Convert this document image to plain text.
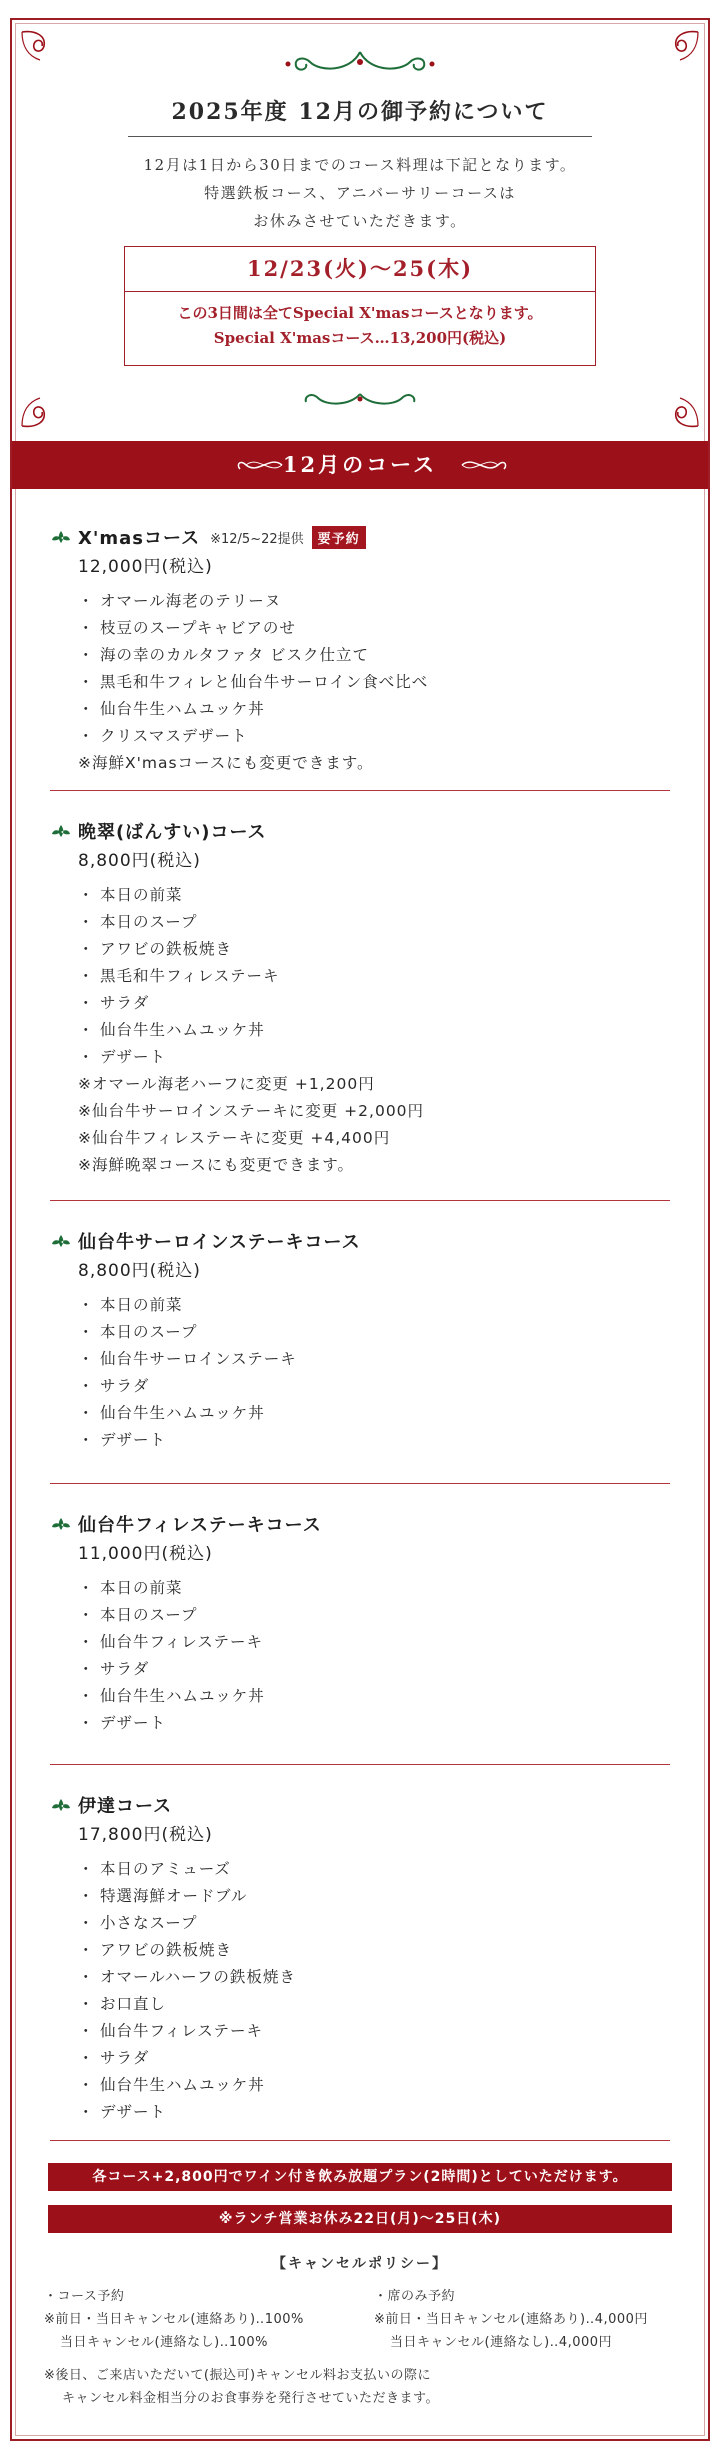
2025年度 12月の御予約について
12月は1日から30日までのコース料理は下記となります。
特選鉄板コース、アニバーサリーコースは
お休みさせていただきます。
12/23(火)〜25(木)
この3日間は全てSpecial X'masコースとなります。
Special X'masコース…13,200円(税込)
12月のコース
X'masコース ※12/5~22提供	要予約
12,000円(税込)
・ オマール海老のテリーヌ
・ 枝豆のスープキャビアのせ
・ 海の幸のカルタファタ ビスク仕立て
・ 黒毛和牛フィレと仙台牛サーロイン食べ比べ
・ 仙台牛生ハムユッケ丼
・ クリスマスデザート
※海鮮X'masコースにも変更できます。
晩翠(ばんすい)コース
8,800円(税込)
・ 本日の前菜
・ 本日のスープ
・ アワビの鉄板焼き
・ 黒毛和牛フィレステーキ
・ サラダ
・ 仙台牛生ハムユッケ丼
・ デザート
※オマール海老ハーフに変更 +1,200円
※仙台牛サーロインステーキに変更 +2,000円
※仙台牛フィレステーキに変更 +4,400円
※海鮮晩翠コースにも変更できます。
仙台牛サーロインステーキコース
8,800円(税込)
・ 本日の前菜
・ 本日のスープ
・ 仙台牛サーロインステーキ
・ サラダ
・ 仙台牛生ハムユッケ丼
・ デザート
仙台牛フィレステーキコース
11,000円(税込)
・ 本日の前菜
・ 本日のスープ
・ 仙台牛フィレステーキ
・ サラダ
・ 仙台牛生ハムユッケ丼
・ デザート
伊達コース
17,800円(税込)
・ 本日のアミューズ
・ 特選海鮮オードブル
・ 小さなスープ
・ アワビの鉄板焼き
・ オマールハーフの鉄板焼き
・ お口直し
・ 仙台牛フィレステーキ
・ サラダ
・ 仙台牛生ハムユッケ丼
・ デザート
各コース+2,800円でワイン付き飲み放題プラン(2時間)としていただけます。
※ランチ営業お休み22日(月)〜25日(木)
【キャンセルポリシー】
・コース予約
※前日・当日キャンセル(連絡あり)‥100%
当日キャンセル(連絡なし)‥100%
・席のみ予約
※前日・当日キャンセル(連絡あり)‥4,000円
当日キャンセル(連絡なし)‥4,000円
※後日、ご来店いただいて(振込可)キャンセル料お支払いの際に
キャンセル料金相当分のお食事券を発行させていただきます。
